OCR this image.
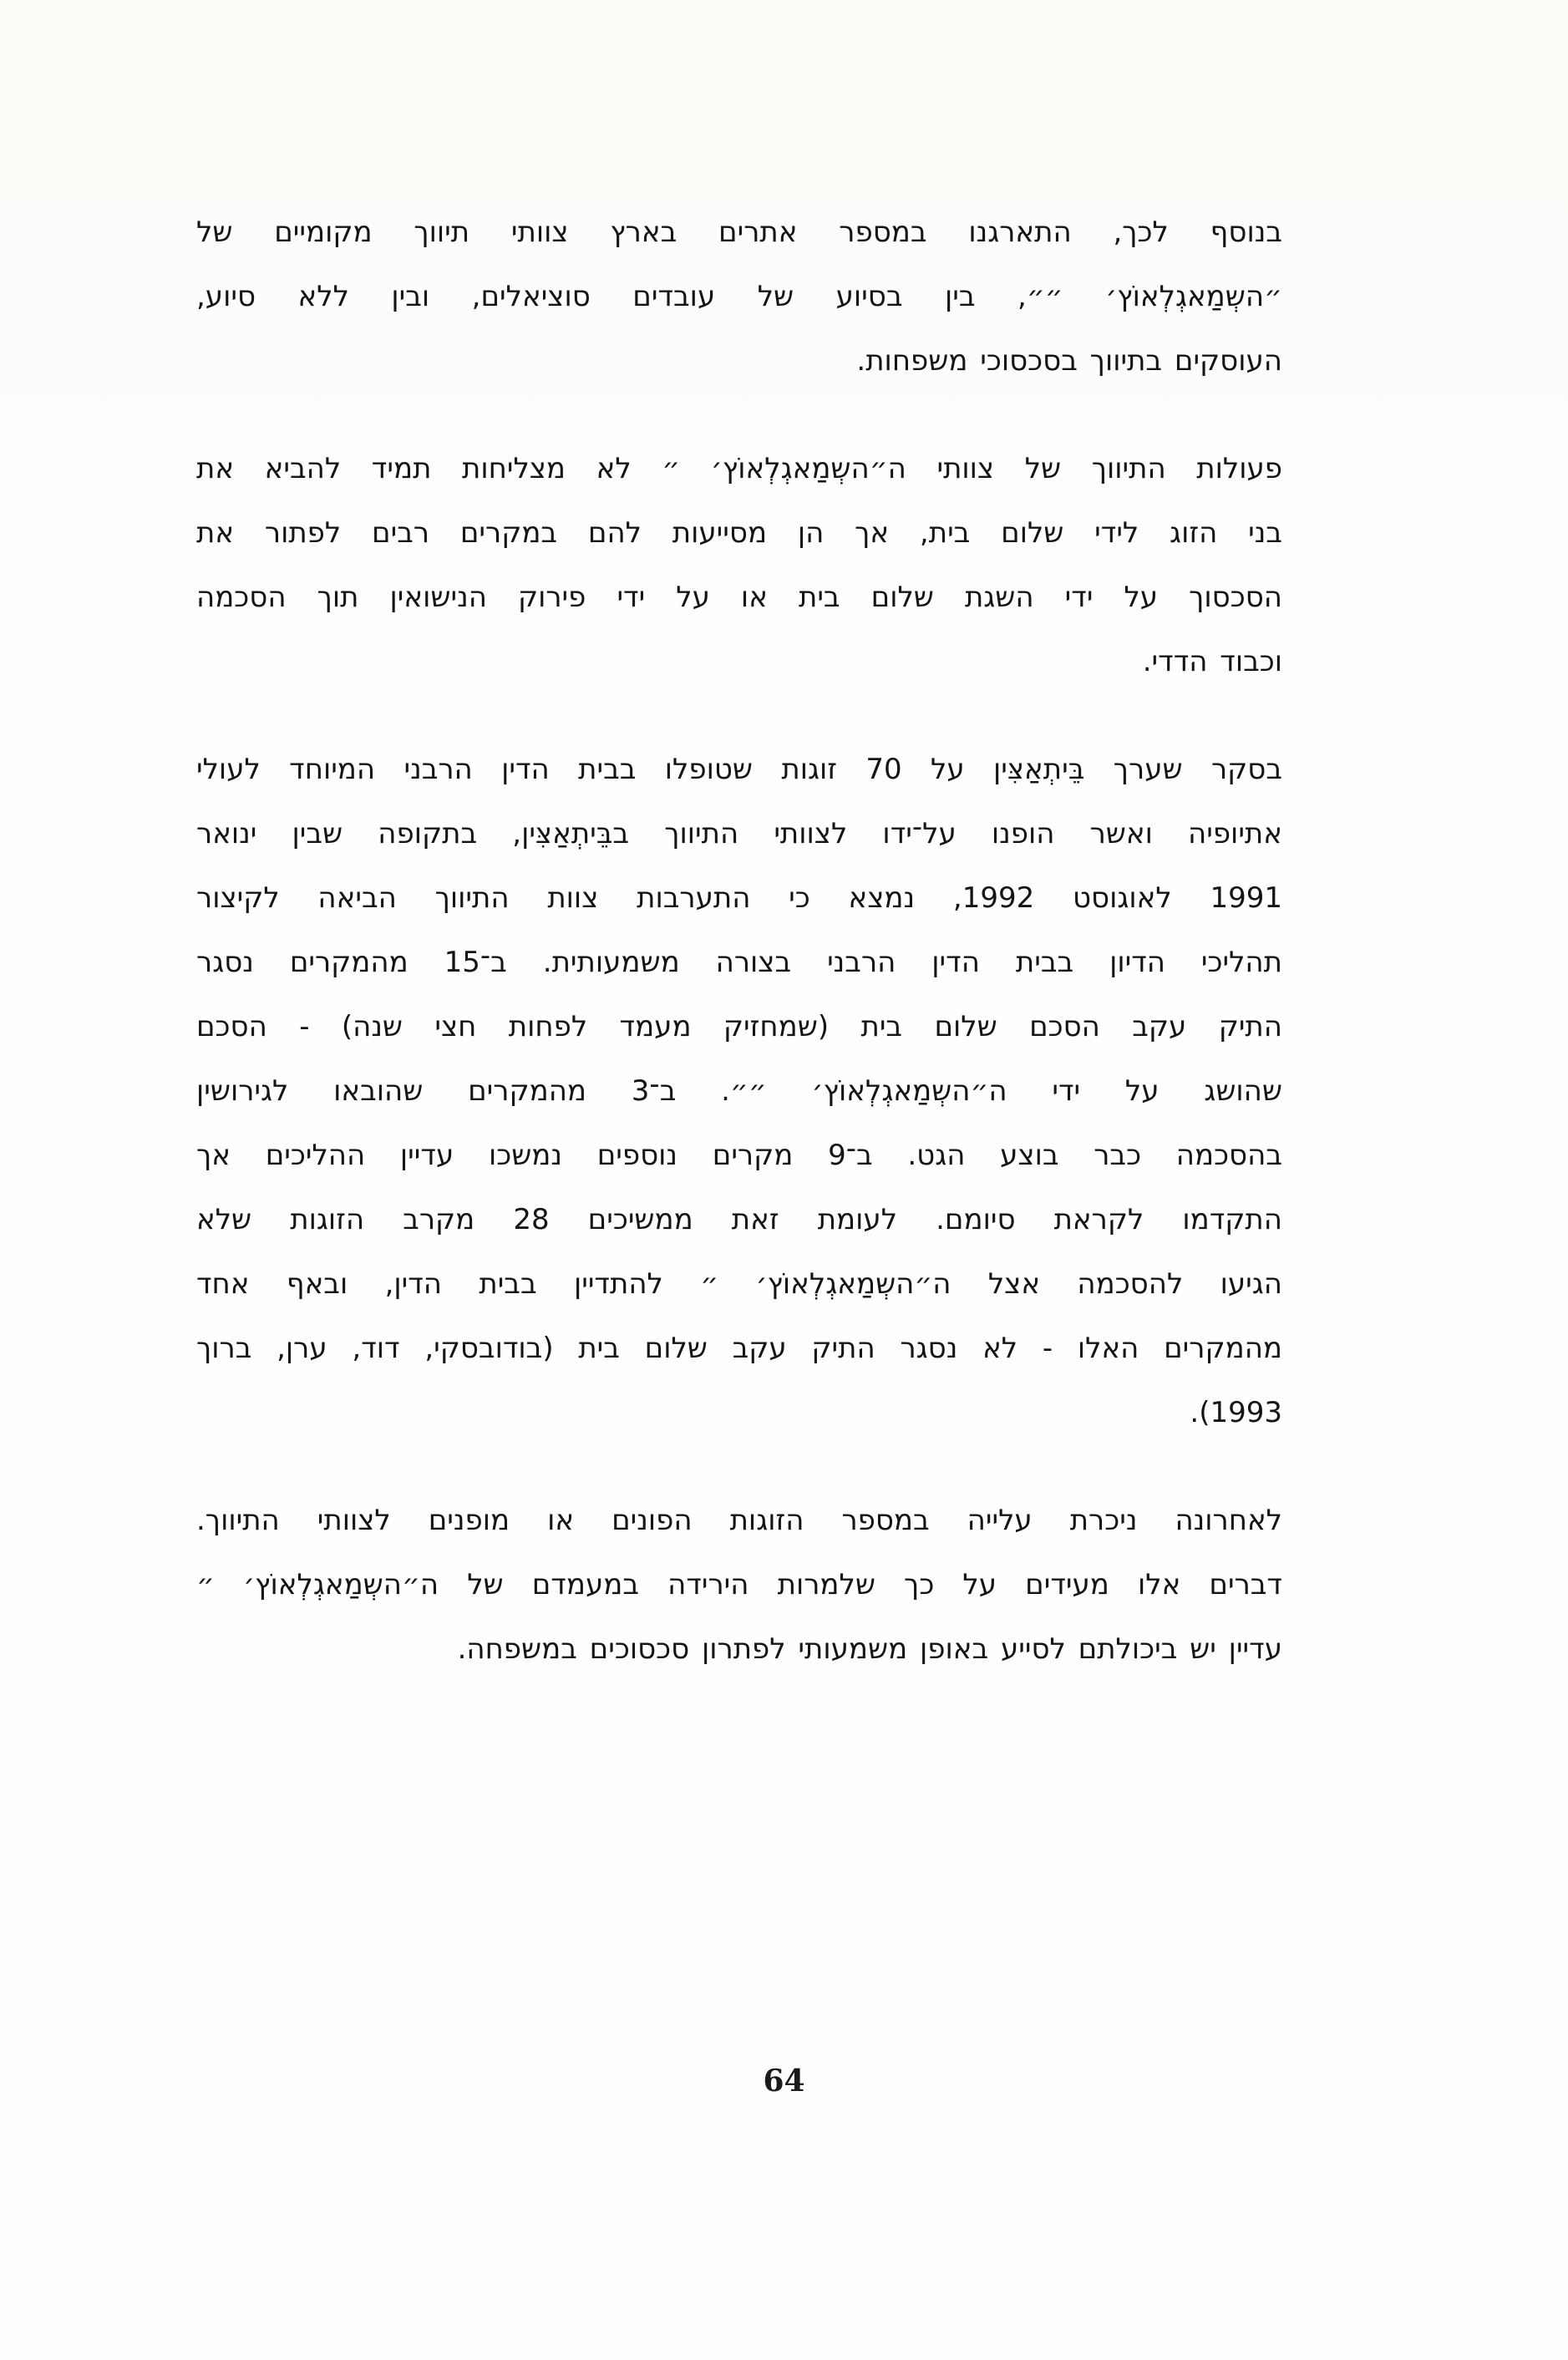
בנוסף לכך, התארגנו במספר אתרים בארץ צוותי תיווך מקומיים של
״השְמַאגְלְאוֹץ׳ ״״, בין בסיוע של עובדים סוציאלים, ובין ללא סיוע,
העוסקים בתיווך בסכסוכי משפחות.
פעולות התיווך של צוותי ה״השְמַאגְלְאוֹץ׳ ״ לא מצליחות תמיד להביא את
בני הזוג לידי שלום בית, אך הן מסייעות להם במקרים רבים לפתור את
הסכסוך על ידי השגת שלום בית או על ידי פירוק הנישואין תוך הסכמה
וכבוד הדדי.
בסקר שערך בֵּיתְאַצִּין על 70 זוגות שטופלו בבית הדין הרבני המיוחד לעולי
אתיופיה ואשר הופנו על־ידו לצוותי התיווך בבֵּיתְאַצִּין, בתקופה שבין ינואר
1991 לאוגוסט 1992, נמצא כי התערבות צוות התיווך הביאה לקיצור
תהליכי הדיון בבית הדין הרבני בצורה משמעותית. ב־15 מהמקרים נסגר
התיק עקב הסכם שלום בית (שמחזיק מעמד לפחות חצי שנה) - הסכם
שהושג על ידי ה״השְמַאגְלְאוֹץ׳ ״״. ב־3 מהמקרים שהובאו לגירושין
בהסכמה כבר בוצע הגט. ב־9 מקרים נוספים נמשכו עדיין ההליכים אך
התקדמו לקראת סיומם. לעומת זאת ממשיכים 28 מקרב הזוגות שלא
הגיעו להסכמה אצל ה״השְמַאגְלְאוֹץ׳ ״ להתדיין בבית הדין, ובאף אחד
מהמקרים האלו - לא נסגר התיק עקב שלום בית (בודובסקי, דוד, ערן, ברוך
1993).
לאחרונה ניכרת עלייה במספר הזוגות הפונים או מופנים לצוותי התיווך.
דברים אלו מעידים על כך שלמרות הירידה במעמדם של ה״השְמַאגְלְאוֹץ׳ ״
עדיין יש ביכולתם לסייע באופן משמעותי לפתרון סכסוכים במשפחה.
64
